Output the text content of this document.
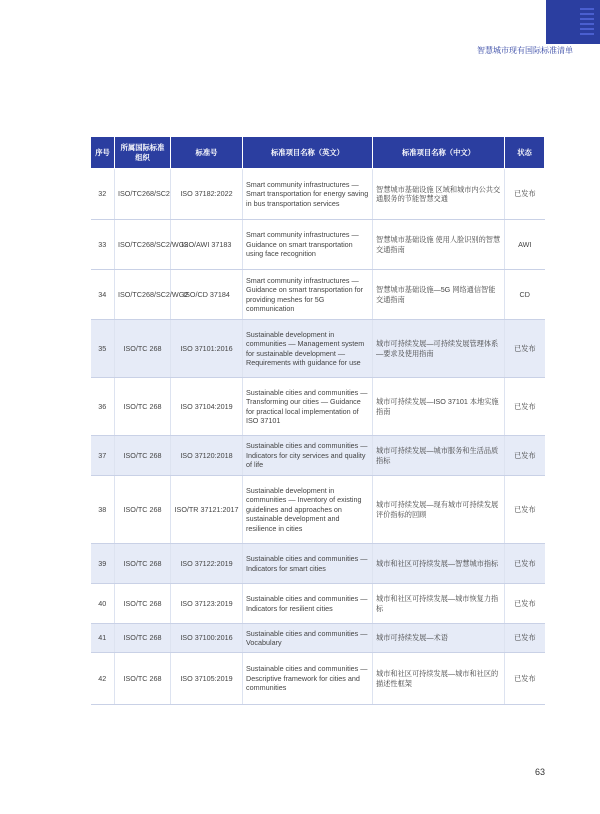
智慧城市现有国际标准清单
序号	所属国际标准组织	标准号	标准项目名称（英文）	标准项目名称（中文）	状态
32	ISO/TC268/SC2	ISO 37182:2022	Smart community infrastructures — Smart transportation for energy saving in bus transportation services	智慧城市基础设施 区域和城市内公共交通服务的节能智慧交通	已发布
33	ISO/TC268/SC2/WG2	ISO/AWI 37183	Smart community infrastructures — Guidance on smart transportation using face recognition	智慧城市基础设施 使用人脸识别的智慧交通指南	AWI
34	ISO/TC268/SC2/WG2	ISO/CD 37184	Smart community infrastructures — Guidance on smart transportation for providing meshes for 5G communication	智慧城市基础设施—5G 网络通信智能交通指南	CD
35	ISO/TC 268	ISO 37101:2016	Sustainable development in communities — Management system for sustainable development — Requirements with guidance for use	城市可持续发展—可持续发展管理体系—要求及使用指南	已发布
36	ISO/TC 268	ISO 37104:2019	Sustainable cities and communities — Transforming our cities — Guidance for practical local implementation of ISO 37101	城市可持续发展—ISO 37101 本地实施指南	已发布
37	ISO/TC 268	ISO 37120:2018	Sustainable cities and communities — Indicators for city services and quality of life	城市可持续发展—城市服务和生活品质指标	已发布
38	ISO/TC 268	ISO/TR 37121:2017	Sustainable development in communities — Inventory of existing guidelines and approaches on sustainable development and resilience in cities	城市可持续发展—现有城市可持续发展评价指标的回顾	已发布
39	ISO/TC 268	ISO 37122:2019	Sustainable cities and communities — Indicators for smart cities	城市和社区可持续发展—智慧城市指标	已发布
40	ISO/TC 268	ISO 37123:2019	Sustainable cities and communities — Indicators for resilient cities	城市和社区可持续发展—城市恢复力指标	已发布
41	ISO/TC 268	ISO 37100:2016	Sustainable cities and communities — Vocabulary	城市可持续发展—术语	已发布
42	ISO/TC 268	ISO 37105:2019	Sustainable cities and communities — Descriptive framework for cities and communities	城市和社区可持续发展—城市和社区的描述性框架	已发布
63
